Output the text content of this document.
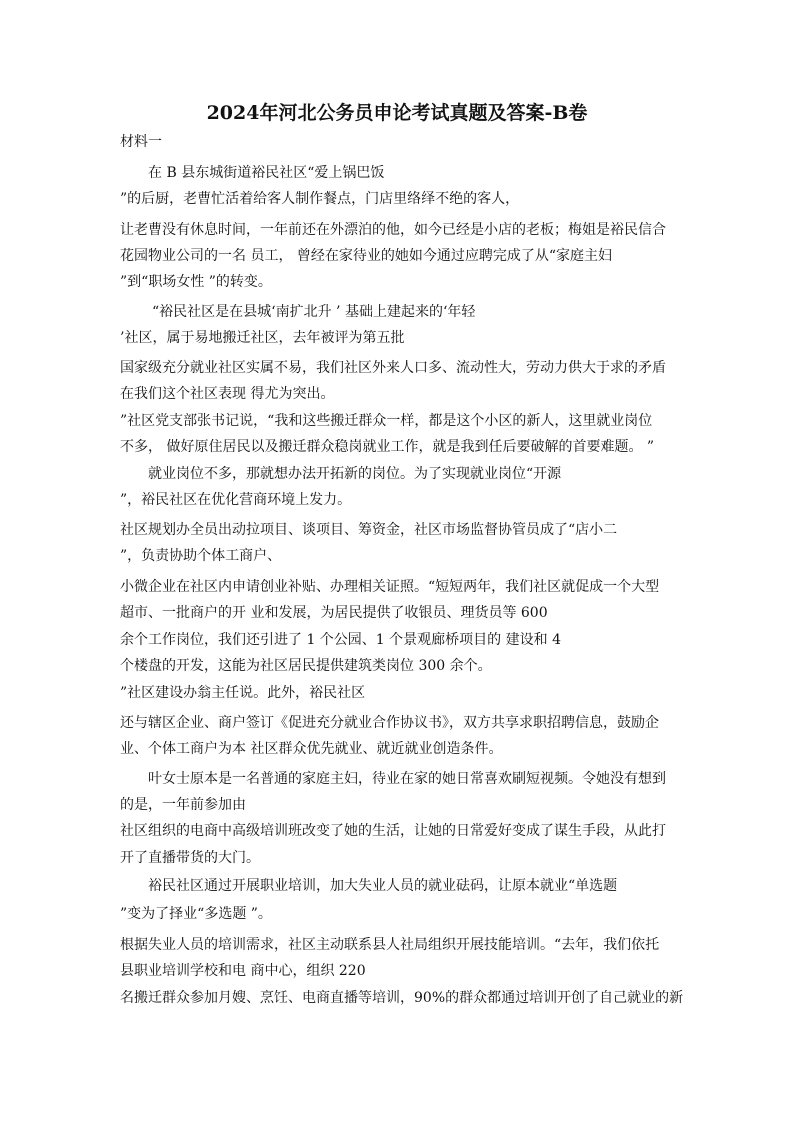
2024年河北公务员申论考试真题及答案-B卷
材料一
在 B 县东城街道裕民社区“爱上锅巴饭
”的后厨，老曹忙活着给客人制作餐点，门店里络绎不绝的客人，
让老曹没有休息时间，一年前还在外漂泊的他，如今已经是小店的老板；梅姐是裕民信合
花园物业公司的一名 员工， 曾经在家待业的她如今通过应聘完成了从“家庭主妇
”到“职场女性 ”的转变。
“裕民社区是在县城‘南扩北升 ’ 基础上建起来的‘年轻
’社区，属于易地搬迁社区，去年被评为第五批
国家级充分就业社区实属不易，我们社区外来人口多、流动性大，劳动力供大于求的矛盾
在我们这个社区表现 得尤为突出。
”社区党支部张书记说，“我和这些搬迁群众一样，都是这个小区的新人，这里就业岗位
不多， 做好原住居民以及搬迁群众稳岗就业工作，就是我到任后要破解的首要难题。 ”
就业岗位不多，那就想办法开拓新的岗位。为了实现就业岗位“开源
”，裕民社区在优化营商环境上发力。
社区规划办全员出动拉项目、谈项目、筹资金，社区市场监督协管员成了“店小二
”，负责协助个体工商户、
小微企业在社区内申请创业补贴、办理相关证照。“短短两年，我们社区就促成一个大型
超市、一批商户的开 业和发展，为居民提供了收银员、理货员等 600
余个工作岗位，我们还引进了 1 个公园、1 个景观廊桥项目的 建设和 4
个楼盘的开发，这能为社区居民提供建筑类岗位 300 余个。
”社区建设办翁主任说。此外，裕民社区
还与辖区企业、商户签订《促进充分就业合作协议书》，双方共享求职招聘信息，鼓励企
业、个体工商户为本 社区群众优先就业、就近就业创造条件。
叶女士原本是一名普通的家庭主妇，待业在家的她日常喜欢刷短视频。令她没有想到
的是，一年前参加由
社区组织的电商中高级培训班改变了她的生活，让她的日常爱好变成了谋生手段，从此打
开了直播带货的大门。
裕民社区通过开展职业培训，加大失业人员的就业砝码，让原本就业“单选题
”变为了择业“多选题 ”。
根据失业人员的培训需求，社区主动联系县人社局组织开展技能培训。“去年，我们依托
县职业培训学校和电 商中心，组织 220
名搬迁群众参加月嫂、烹饪、电商直播等培训，90%的群众都通过培训开创了自己就业的新
